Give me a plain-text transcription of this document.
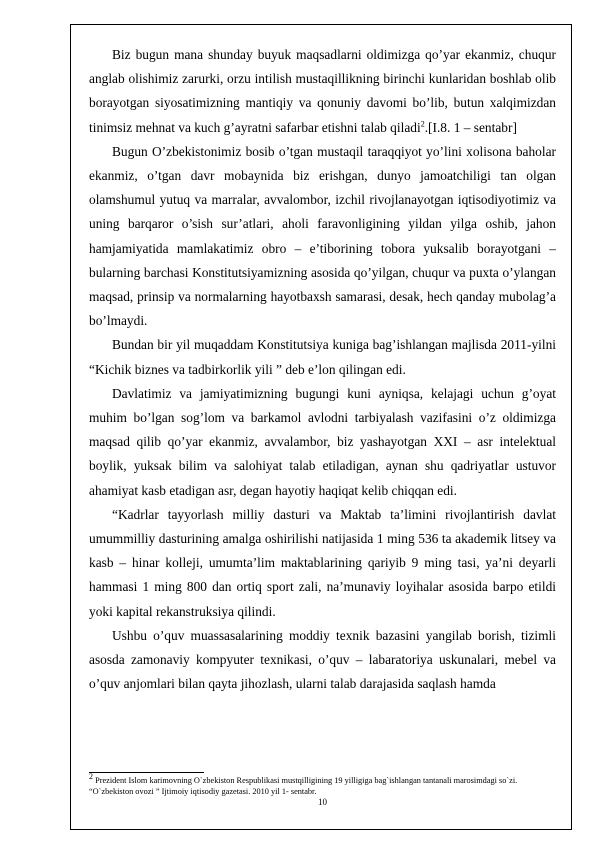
Biz bugun mana shunday buyuk maqsadlarni oldimizga qo’yar ekanmiz, chuqur anglab olishimiz zarurki, orzu intilish mustaqillikning birinchi kunlaridan boshlab olib borayotgan siyosatimizning mantiqiy va qonuniy davomi bo’lib, butun xalqimizdan tinimsiz mehnat va kuch g’ayratni safarbar etishni talab qiladi$^2$.[I.8. 1 – sentabr]

Bugun O’zbekistonimiz bosib o’tgan mustaqil taraqqiyot yo’lini xolisona baholar ekanmiz, o’tgan davr mobaynida biz erishgan, dunyo jamoatchiligi tan olgan olamshumul yutuq va marralar, avvalombor, izchil rivojlanayotgan iqtisodiyotimiz va uning barqaror o’sish sur’atlari, aholi faravonligining yildan yilga oshib, jahon hamjamiyatida mamlakatimiz obro – e’tiborining tobora yuksalib borayotgani – bularning barchasi Konstitutsiyamizning asosida qo’yilgan, chuqur va puxta o’ylangan maqsad, prinsip va normalarning hayotbaxsh samarasi, desak, hech qanday mubolag’a bo’lmaydi.

Bundan bir yil muqaddam Konstitutsiya kuniga bag’ishlangan majlisda 2011-yilni “Kichik biznes va tadbirkorlik yili ” deb e’lon qilingan edi.

Davlatimiz va jamiyatimizning bugungi kuni ayniqsa, kelajagi uchun g’oyat muhim bo’lgan sog’lom va barkamol avlodni tarbiyalash vazifasini o’z oldimizga maqsad qilib qo’yar ekanmiz, avvalambor, biz yashayotgan XXI – asr intelektual boylik, yuksak bilim va salohiyat talab etiladigan, aynan shu qadriyatlar ustuvor ahamiyat kasb etadigan asr, degan hayotiy haqiqat kelib chiqqan edi.

“Kadrlar tayyorlash milliy dasturi va Maktab ta’limini rivojlantirish davlat umummilliy dasturining amalga oshirilishi natijasida 1 ming 536 ta akademik litsey va kasb – hinar kolleji, umumta’lim maktablarining qariyib 9 ming tasi, ya’ni deyarli hammasi 1 ming 800 dan ortiq sport zali, na’munaviy loyihalar asosida barpo etildi yoki kapital rekanstruksiya qilindi.

Ushbu o’quv muassasalarining moddiy texnik bazasini yangilab borish, tizimli asosda zamonaviy kompyuter texnikasi, o’quv – labaratoriya uskunalari, mebel va o’quv anjomlari bilan qayta jihozlash, ularni talab darajasida saqlash hamda

$^2$ Prezident Islom karimovning O`zbekiston Respublikasi mustqilligining 19 yilligiga bag`ishlangan tantanali marosimdagi so`zi. “O`zbekiston ovozi ” Ijtimoiy iqtisodiy gazetasi. 2010 yil 1- sentabr.
10
